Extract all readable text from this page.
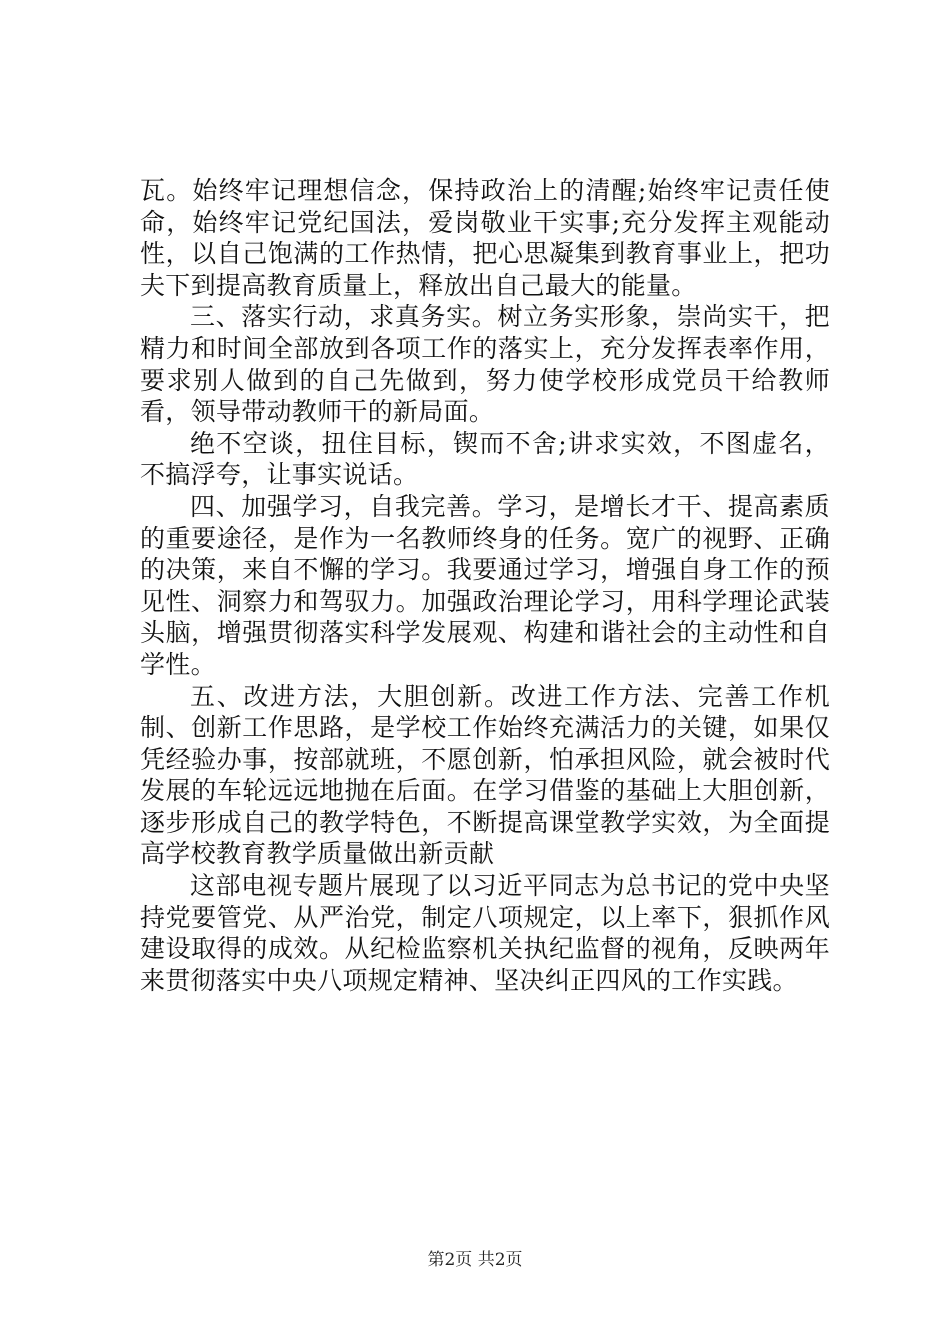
瓦。始终牢记理想信念，保持政治上的清醒;始终牢记责任使命，始终牢记党纪国法，爱岗敬业干实事;充分发挥主观能动性，以自己饱满的工作热情，把心思凝集到教育事业上，把功夫下到提高教育质量上，释放出自己最大的能量。

三、落实行动，求真务实。树立务实形象，崇尚实干，把精力和时间全部放到各项工作的落实上，充分发挥表率作用，要求别人做到的自己先做到，努力使学校形成党员干给教师看，领导带动教师干的新局面。

绝不空谈，扭住目标，锲而不舍;讲求实效，不图虚名，不搞浮夸，让事实说话。

四、加强学习，自我完善。学习，是增长才干、提高素质的重要途径，是作为一名教师终身的任务。宽广的视野、正确的决策，来自不懈的学习。我要通过学习，增强自身工作的预见性、洞察力和驾驭力。加强政治理论学习，用科学理论武装头脑，增强贯彻落实科学发展观、构建和谐社会的主动性和自学性。

五、改进方法，大胆创新。改进工作方法、完善工作机制、创新工作思路，是学校工作始终充满活力的关键，如果仅凭经验办事，按部就班，不愿创新，怕承担风险，就会被时代发展的车轮远远地抛在后面。在学习借鉴的基础上大胆创新，逐步形成自己的教学特色，不断提高课堂教学实效，为全面提高学校教育教学质量做出新贡献

这部电视专题片展现了以习近平同志为总书记的党中央坚持党要管党、从严治党，制定八项规定，以上率下，狠抓作风建设取得的成效。从纪检监察机关执纪监督的视角，反映两年来贯彻落实中央八项规定精神、坚决纠正四风的工作实践。

第2页 共2页
